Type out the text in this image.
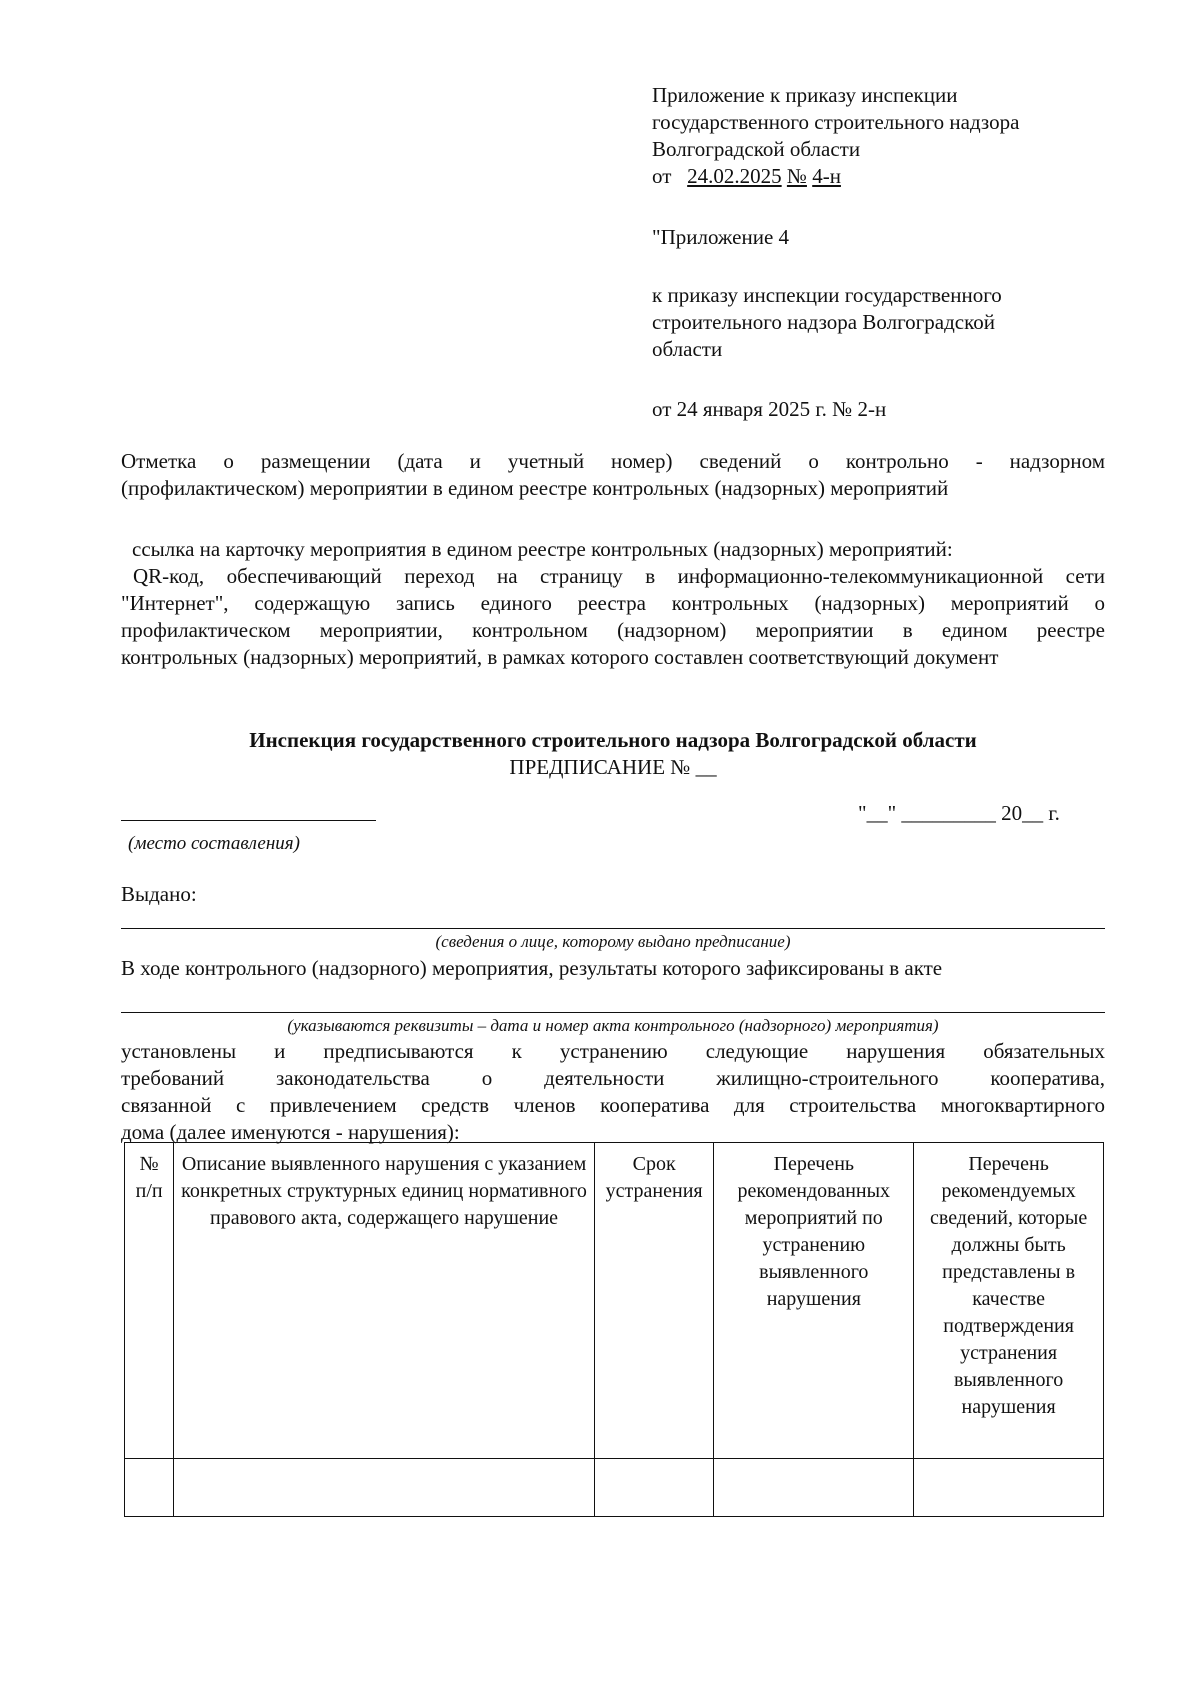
Приложение к приказу инспекции
государственного строительного надзора
Волгоградской области
от 24.02.2025 № 4-н
"Приложение 4
к приказу инспекции государственного
строительного надзора Волгоградской
области
от 24 января 2025 г. № 2-н
Отметка о размещении (дата и учетный номер) сведений о контрольно - надзорном
(профилактическом) мероприятии в едином реестре контрольных (надзорных) мероприятий
ссылка на карточку мероприятия в едином реестре контрольных (надзорных) мероприятий:
QR-код, обеспечивающий переход на страницу в информационно-телекоммуникационной сети
"Интернет", содержащую запись единого реестра контрольных (надзорных) мероприятий о
профилактическом мероприятии, контрольном (надзорном) мероприятии в едином реестре
контрольных (надзорных) мероприятий, в рамках которого составлен соответствующий документ
Инспекция государственного строительного надзора Волгоградской области
ПРЕДПИСАНИЕ № __
"__" _________ 20__ г.
(место составления)
Выдано:
(сведения о лице, которому выдано предписание)
В ходе контрольного (надзорного) мероприятия, результаты которого зафиксированы в акте
(указываются реквизиты – дата и номер акта контрольного (надзорного) мероприятия)
установлены и предписываются к устранению следующие нарушения обязательных
требований законодательства о деятельности жилищно-строительного кооператива,
связанной с привлечением средств членов кооператива для строительства многоквартирного
дома (далее именуются - нарушения):
№ п/п	Описание выявленного нарушения с указанием конкретных структурных единиц нормативного правового акта, содержащего нарушение	Срок устранения	Перечень рекомендованных мероприятий по устранению выявленного нарушения	Перечень рекомендуемых сведений, которые должны быть представлены в качестве подтверждения устранения выявленного нарушения
